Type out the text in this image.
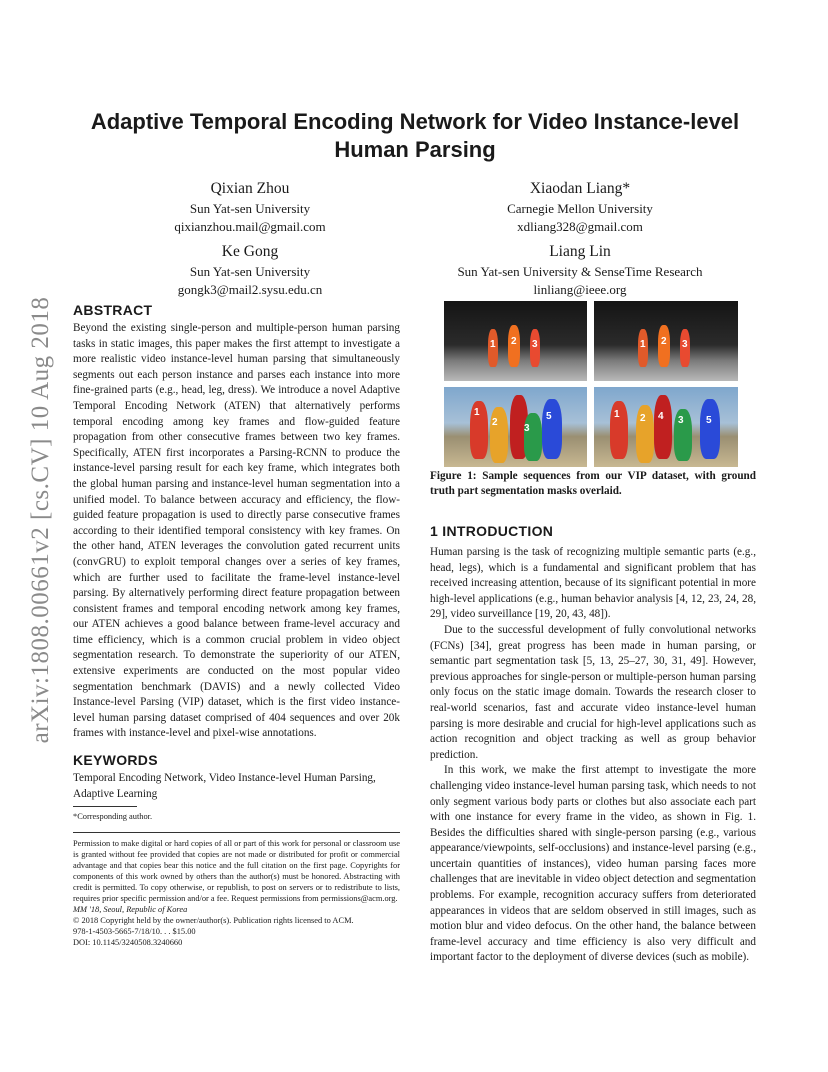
arXiv:1808.00661v2 [cs.CV] 10 Aug 2018
Adaptive Temporal Encoding Network for Video Instance-level
Human Parsing
Qixian Zhou
Sun Yat-sen University
qixianzhou.mail@gmail.com
Xiaodan Liang*
Carnegie Mellon University
xdliang328@gmail.com
Ke Gong
Sun Yat-sen University
gongk3@mail2.sysu.edu.cn
Liang Lin
Sun Yat-sen University & SenseTime Research
linliang@ieee.org
ABSTRACT

Beyond the existing single-person and multiple-person human parsing tasks in static images, this paper makes the first attempt to investigate a more realistic video instance-level human parsing that simultaneously segments out each person instance and parses each instance into more fine-grained parts (e.g., head, leg, dress). We introduce a novel Adaptive Temporal Encoding Network (ATEN) that alternatively performs temporal encoding among key frames and flow-guided feature propagation from other consecutive frames between two key frames. Specifically, ATEN first incorporates a Parsing-RCNN to produce the instance-level parsing result for each key frame, which integrates both the global human parsing and instance-level human segmentation into a unified model. To balance between accuracy and efficiency, the flow-guided feature propagation is used to directly parse consecutive frames according to their identified temporal consistency with key frames. On the other hand, ATEN leverages the convolution gated recurrent units (convGRU) to exploit temporal changes over a series of key frames, which are further used to facilitate the frame-level instance-level parsing. By alternatively performing direct feature propagation between consistent frames and temporal encoding network among key frames, our ATEN achieves a good balance between frame-level accuracy and time efficiency, which is a common crucial problem in video object segmentation research. To demonstrate the superiority of our ATEN, extensive experiments are conducted on the most popular video segmentation benchmark (DAVIS) and a newly collected Video Instance-level Parsing (VIP) dataset, which is the first video instance-level human parsing dataset comprised of 404 sequences and over 20k frames with instance-level and pixel-wise annotations.

KEYWORDS
Temporal Encoding Network, Video Instance-level Human Parsing, Adaptive Learning
*Corresponding author.
Permission to make digital or hard copies of all or part of this work for personal or classroom use is granted without fee provided that copies are not made or distributed for profit or commercial advantage and that copies bear this notice and the full citation on the first page. Copyrights for components of this work owned by others than the author(s) must be honored. Abstracting with credit is permitted. To copy otherwise, or republish, to post on servers or to redistribute to lists, requires prior specific permission and/or a fee. Request permissions from permissions@acm.org.
MM '18, Seoul, Republic of Korea
© 2018 Copyright held by the owner/author(s). Publication rights licensed to ACM.
978-1-4503-5665-7/18/10. . . $15.00
DOI: 10.1145/3240508.3240660
1 2 3	1 2 3
1
2
3
5	1 2 4 3 5
Figure 1: Sample sequences from our VIP dataset, with ground truth part segmentation masks overlaid.
1 INTRODUCTION

Human parsing is the task of recognizing multiple semantic parts (e.g., head, legs), which is a fundamental and significant problem that has received increasing attention, because of its significant potential in more high-level applications (e.g., human behavior analysis [4, 12, 23, 24, 28, 29], video surveillance [19, 20, 43, 48]).

Due to the successful development of fully convolutional networks (FCNs) [34], great progress has been made in human parsing, or semantic part segmentation task [5, 13, 25–27, 30, 31, 49]. However, previous approaches for single-person or multiple-person human parsing only focus on the static image domain. Towards the research closer to real-world scenarios, fast and accurate video instance-level human parsing is more desirable and crucial for high-level applications such as action recognition and object tracking as well as group behavior prediction.

In this work, we make the first attempt to investigate the more challenging video instance-level human parsing task, which needs to not only segment various body parts or clothes but also associate each part with one instance for every frame in the video, as shown in Fig. 1. Besides the difficulties shared with single-person parsing (e.g., various appearance/viewpoints, self-occlusions) and instance-level parsing (e.g., uncertain quantities of instances), video human parsing faces more challenges that are inevitable in video object detection and segmentation problems. For example, recognition accuracy suffers from deteriorated appearances in videos that are seldom observed in still images, such as motion blur and video defocus. On the other hand, the balance between frame-level accuracy and time efficiency is also very difficult and important factor to the deployment of diverse devices (such as mobile).
